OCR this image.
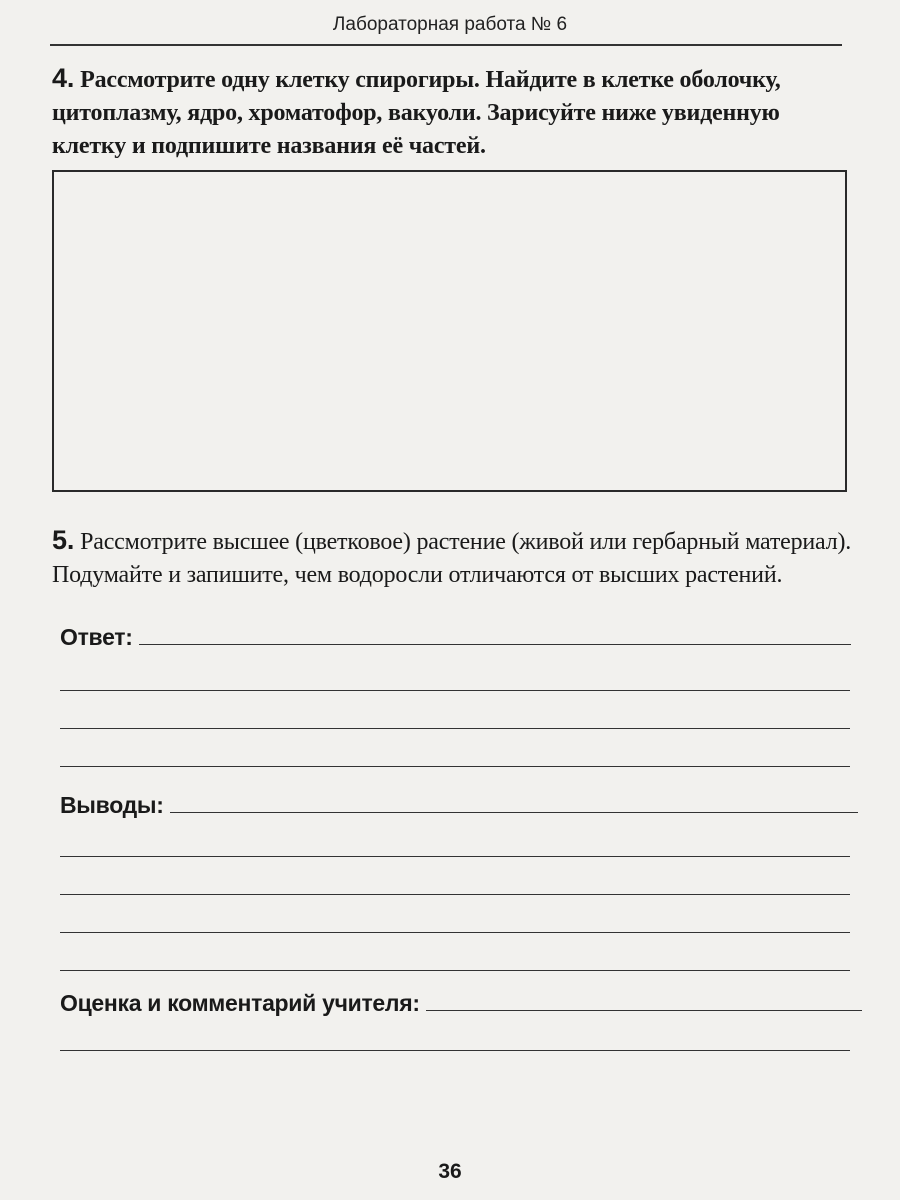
Лабораторная работа № 6
4. Рассмотрите одну клетку спирогиры. Найдите в клетке оболочку, цитоплазму, ядро, хроматофор, вакуоли. Зарисуйте ниже увиденную клетку и подпишите названия её частей.
5. Рассмотрите высшее (цветковое) растение (живой или гербарный материал). Подумайте и запишите, чем водоросли отличаются от высших растений.
Ответ:
Выводы:
Оценка и комментарий учителя:
36
